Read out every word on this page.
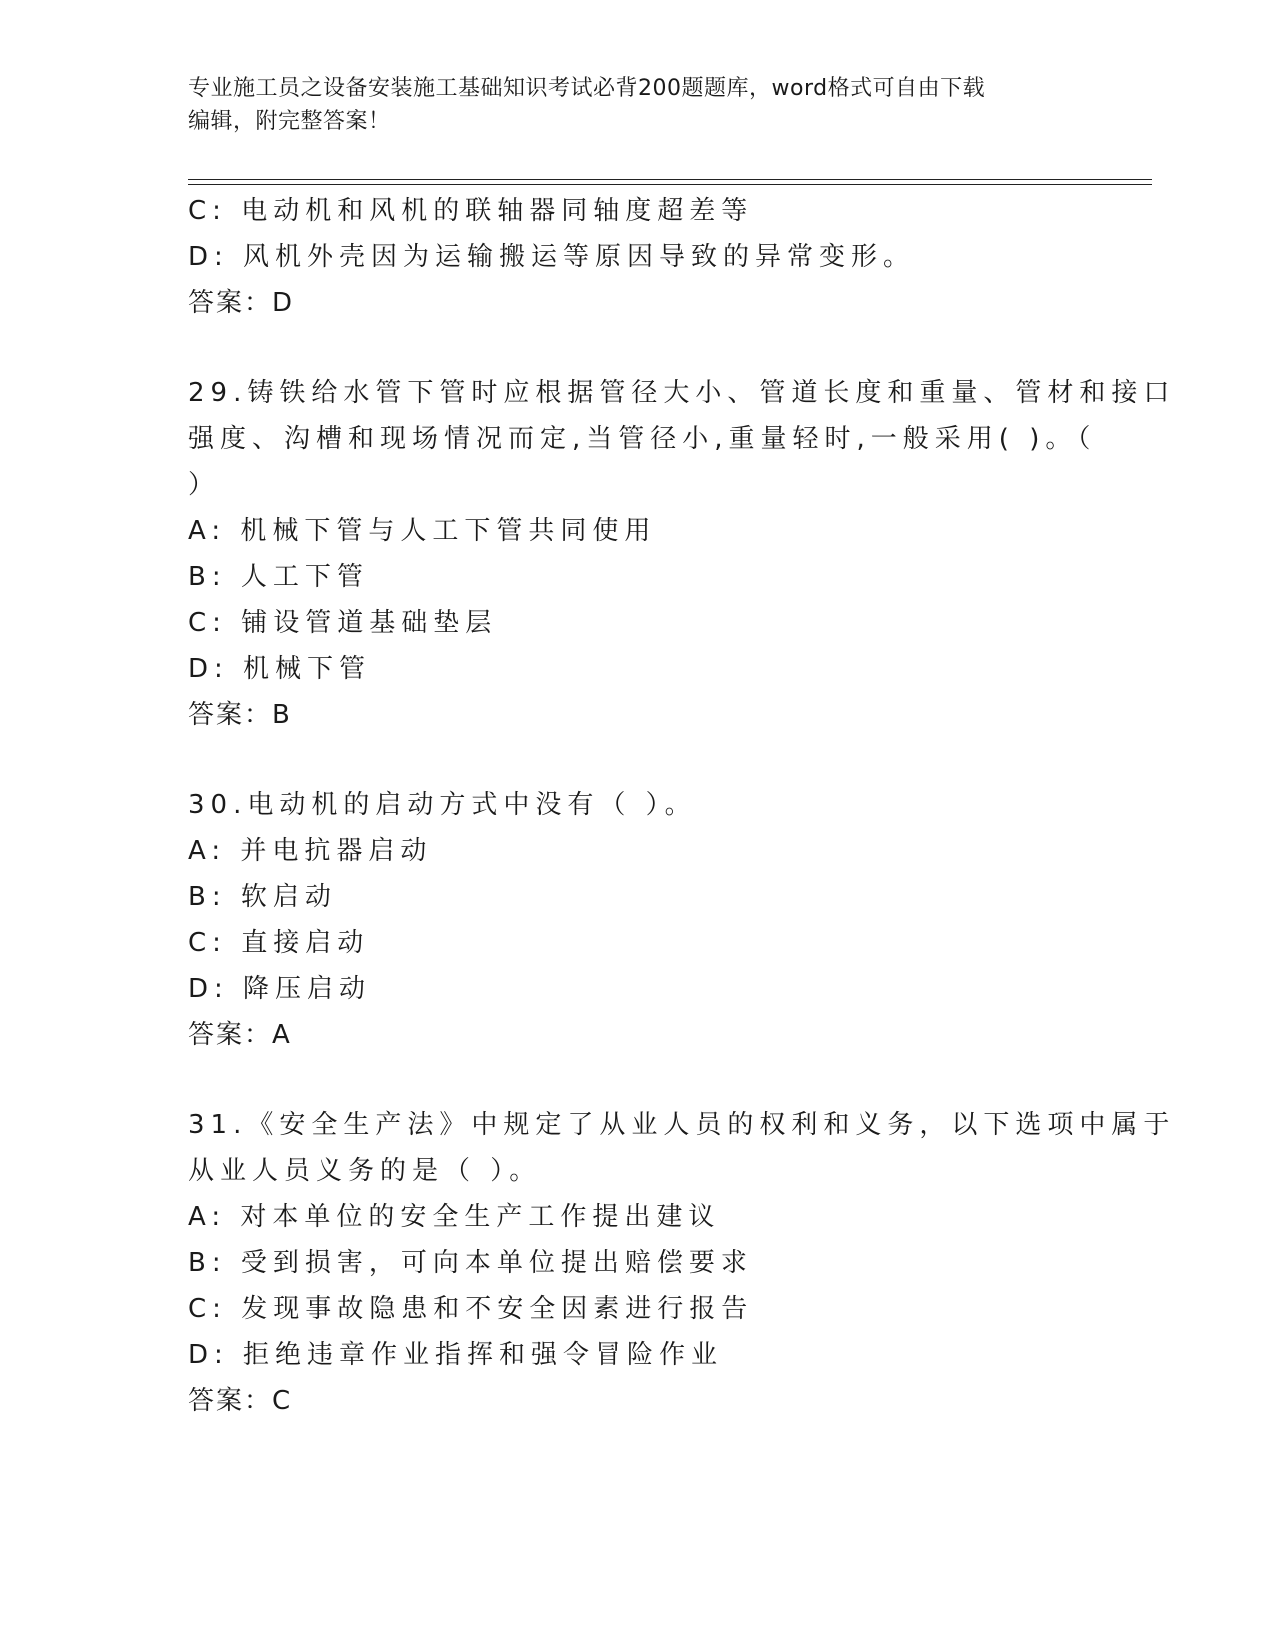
专业施工员之设备安装施工基础知识考试必背200题题库，word格式可自由下载
编辑，附完整答案！
C: 电动机和风机的联轴器同轴度超差等
D: 风机外壳因为运输搬运等原因导致的异常变形。
答案：D
29.铸铁给水管下管时应根据管径大小、管道长度和重量、管材和接口
强度、沟槽和现场情况而定,当管径小,重量轻时,一般采用( )。（
）
A: 机械下管与人工下管共同使用
B: 人工下管
C: 铺设管道基础垫层
D: 机械下管
答案：B
30.电动机的启动方式中没有（ ）。
A: 并电抗器启动
B: 软启动
C: 直接启动
D: 降压启动
答案：A
31.《安全生产法》中规定了从业人员的权利和义务，以下选项中属于
从业人员义务的是（ ）。
A: 对本单位的安全生产工作提出建议
B: 受到损害，可向本单位提出赔偿要求
C: 发现事故隐患和不安全因素进行报告
D: 拒绝违章作业指挥和强令冒险作业
答案：C
